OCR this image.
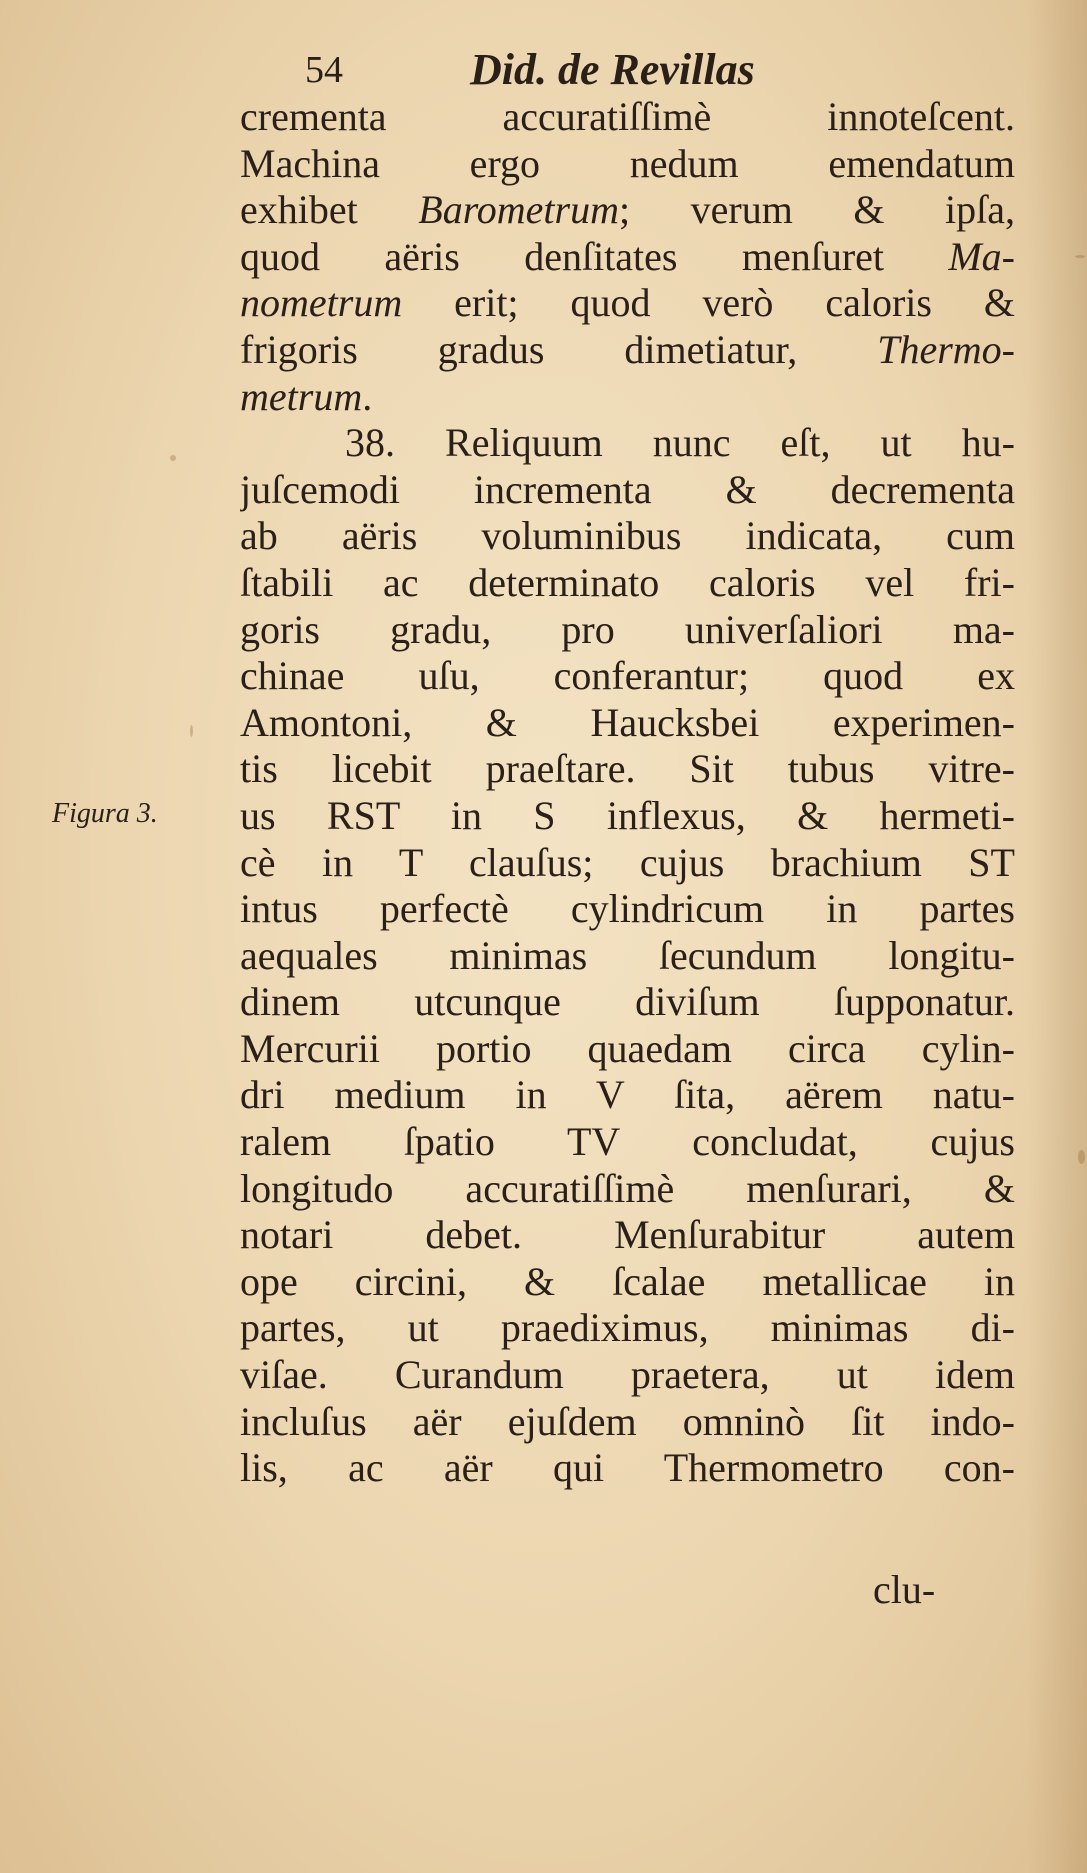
54	Did. de Revillas
Figura 3.
crementa accuratiſſimè innoteſcent.
Machina ergo nedum emendatum
exhibet Barometrum; verum & ipſa,
quod aëris denſitates menſuret Ma-
nometrum erit; quod verò caloris &
frigoris gradus dimetiatur, Thermo-
metrum.
38. Reliquum nunc eſt, ut hu-
juſcemodi incrementa & decrementa
ab aëris voluminibus indicata, cum
ſtabili ac determinato caloris vel fri-
goris gradu, pro univerſaliori ma-
chinae uſu, conferantur; quod ex
Amontoni, & Haucksbei experimen-
tis licebit praeſtare. Sit tubus vitre-
us RST in S inflexus, & hermeti-
cè in T clauſus; cujus brachium ST
intus perfectè cylindricum in partes
aequales minimas ſecundum longitu-
dinem utcunque diviſum ſupponatur.
Mercurii portio quaedam circa cylin-
dri medium in V ſita, aërem natu-
ralem ſpatio TV concludat, cujus
longitudo accuratiſſimè menſurari, &
notari debet. Menſurabitur autem
ope circini, & ſcalae metallicae in
partes, ut praediximus, minimas di-
viſae. Curandum praetera, ut idem
incluſus aër ejuſdem omninò ſit indo-
lis, ac aër qui Thermometro con-
clu-
